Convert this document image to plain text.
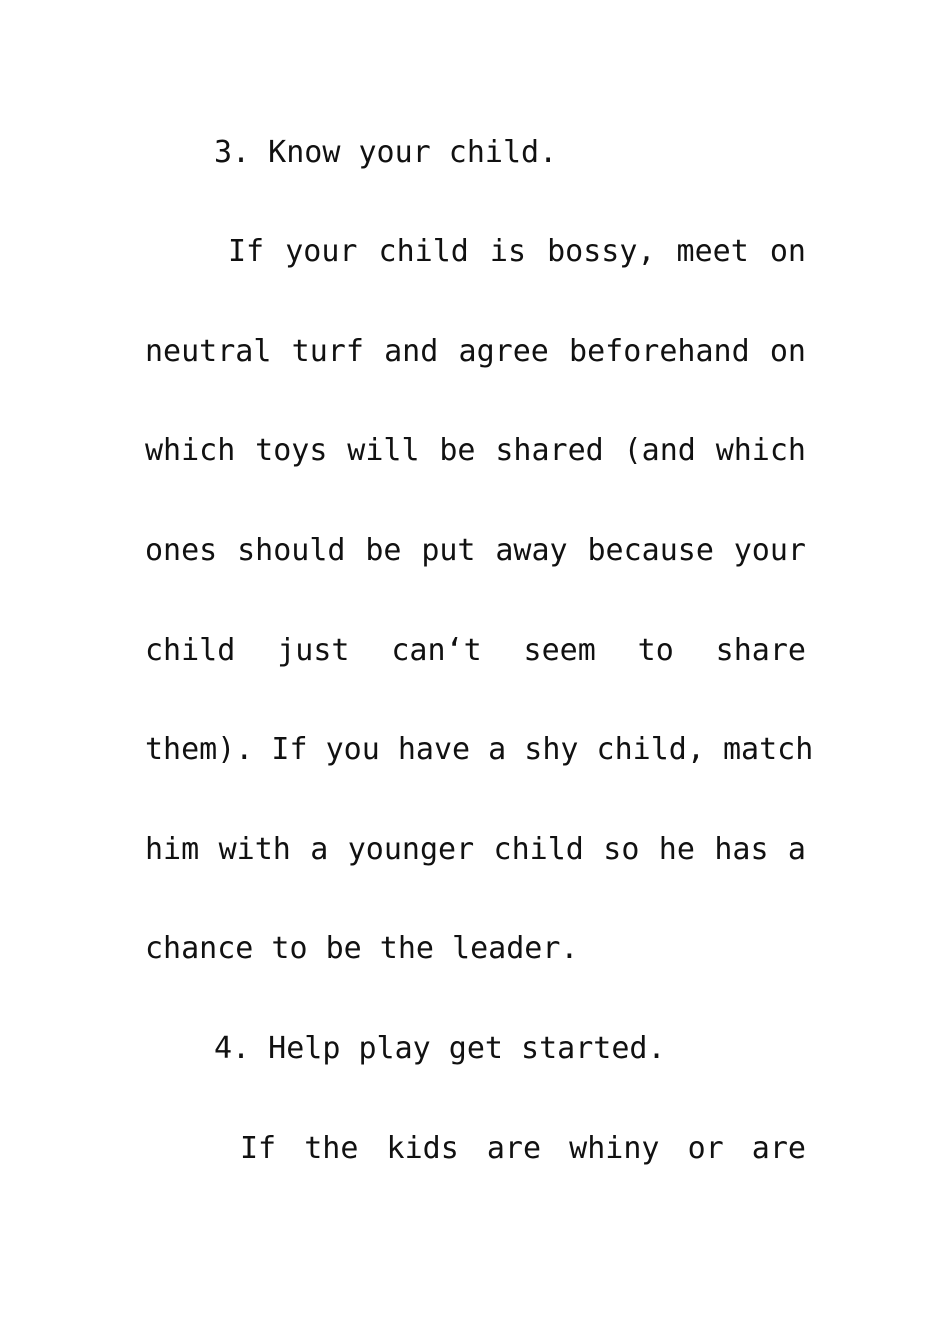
3. Know your child.
If your child is bossy, meet on
neutral turf and agree beforehand on
which toys will be shared (and which
ones should be put away because your
child just can‘t seem to share
them). If you have a shy child, match
him with a younger child so he has a
chance to be the leader.
4. Help play get started.
If the kids are whiny or are
